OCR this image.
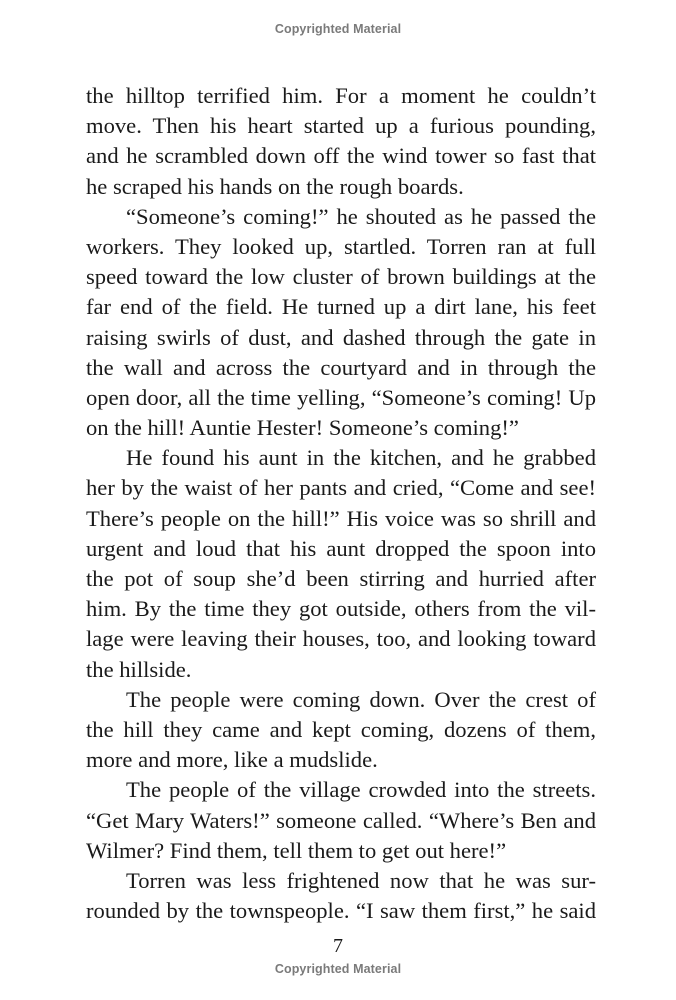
Copyrighted Material
the hilltop terrified him. For a moment he couldn’t
move. Then his heart started up a furious pounding,
and he scrambled down off the wind tower so fast that
he scraped his hands on the rough boards.
“Someone’s coming!” he shouted as he passed the
workers. They looked up, startled. Torren ran at full
speed toward the low cluster of brown buildings at the
far end of the field. He turned up a dirt lane, his feet
raising swirls of dust, and dashed through the gate in
the wall and across the courtyard and in through the
open door, all the time yelling, “Someone’s coming! Up
on the hill! Auntie Hester! Someone’s coming!”
He found his aunt in the kitchen, and he grabbed
her by the waist of her pants and cried, “Come and see!
There’s people on the hill!” His voice was so shrill and
urgent and loud that his aunt dropped the spoon into
the pot of soup she’d been stirring and hurried after
him. By the time they got outside, others from the vil-
lage were leaving their houses, too, and looking toward
the hillside.
The people were coming down. Over the crest of
the hill they came and kept coming, dozens of them,
more and more, like a mudslide.
The people of the village crowded into the streets.
“Get Mary Waters!” someone called. “Where’s Ben and
Wilmer? Find them, tell them to get out here!”
Torren was less frightened now that he was sur-
rounded by the townspeople. “I saw them first,” he said
7
Copyrighted Material
